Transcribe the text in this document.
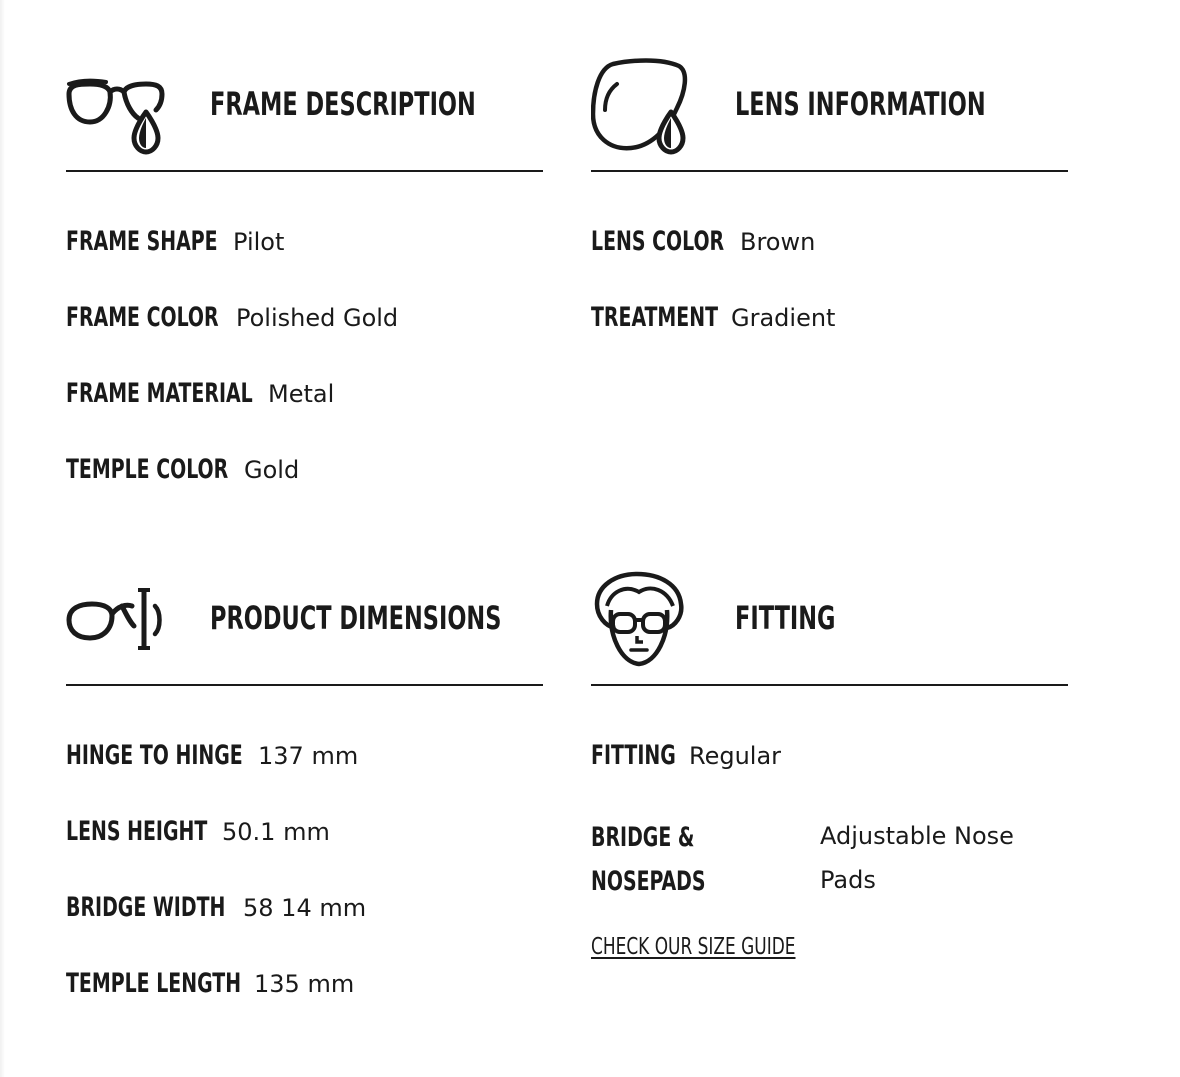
FRAME DESCRIPTION
FRAME SHAPE Pilot
FRAME COLOR Polished Gold
FRAME MATERIAL Metal
TEMPLE COLOR Gold
LENS INFORMATION
LENS COLOR Brown
TREATMENT Gradient
PRODUCT DIMENSIONS
HINGE TO HINGE 137 mm
LENS HEIGHT 50.1 mm
BRIDGE WIDTH 58 14 mm
TEMPLE LENGTH 135 mm
FITTING
FITTING Regular
BRIDGE & NOSEPADS
Adjustable Nose Pads
CHECK OUR SIZE GUIDE
